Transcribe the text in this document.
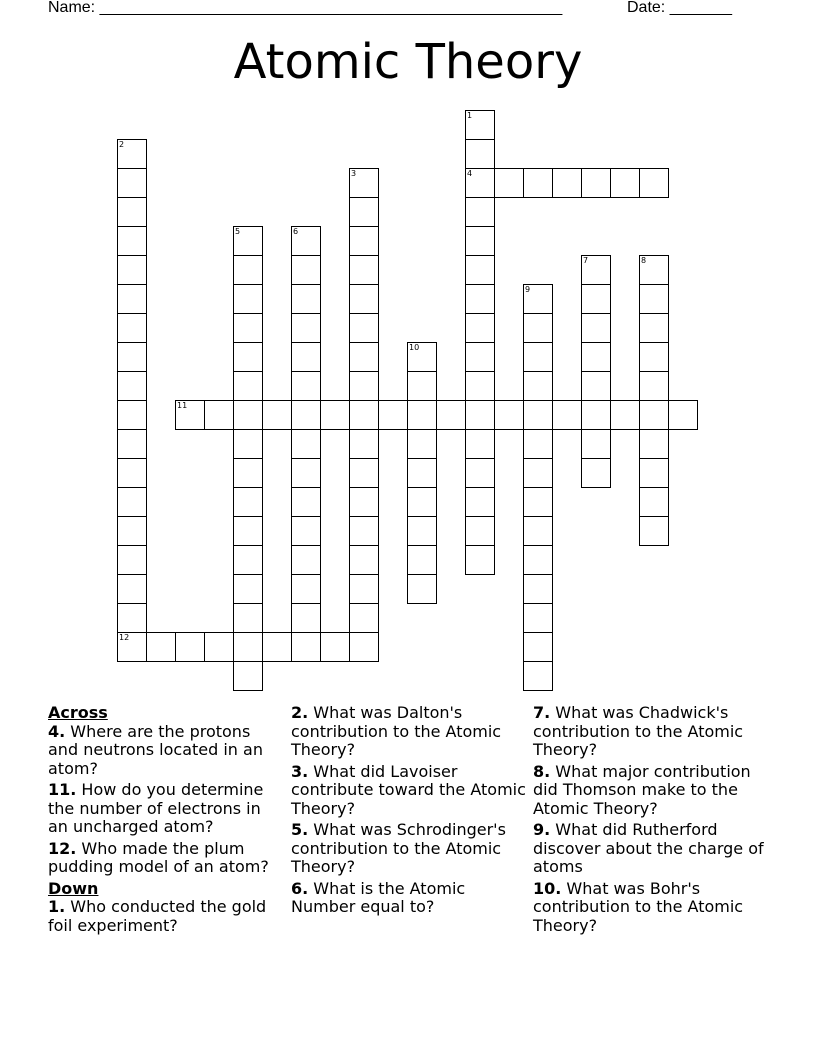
Name: ____________________________________________________	Date: _______
Atomic Theory
1
4
2
3
5	6
7	8
9
10
11
12
Across
4. Where are the protons and neutrons located in an atom?
11. How do you determine the number of electrons in an uncharged atom?
12. Who made the plum pudding model of an atom?
Down
1. Who conducted the gold foil experiment?
2. What was Dalton's contribution to the Atomic Theory?
3. What did Lavoiser contribute toward the Atomic Theory?
5. What was Schrodinger's contribution to the Atomic Theory?
6. What is the Atomic Number equal to?
7. What was Chadwick's contribution to the Atomic Theory?
8. What major contribution did Thomson make to the Atomic Theory?
9. What did Rutherford discover about the charge of atoms
10. What was Bohr's contribution to the Atomic Theory?
